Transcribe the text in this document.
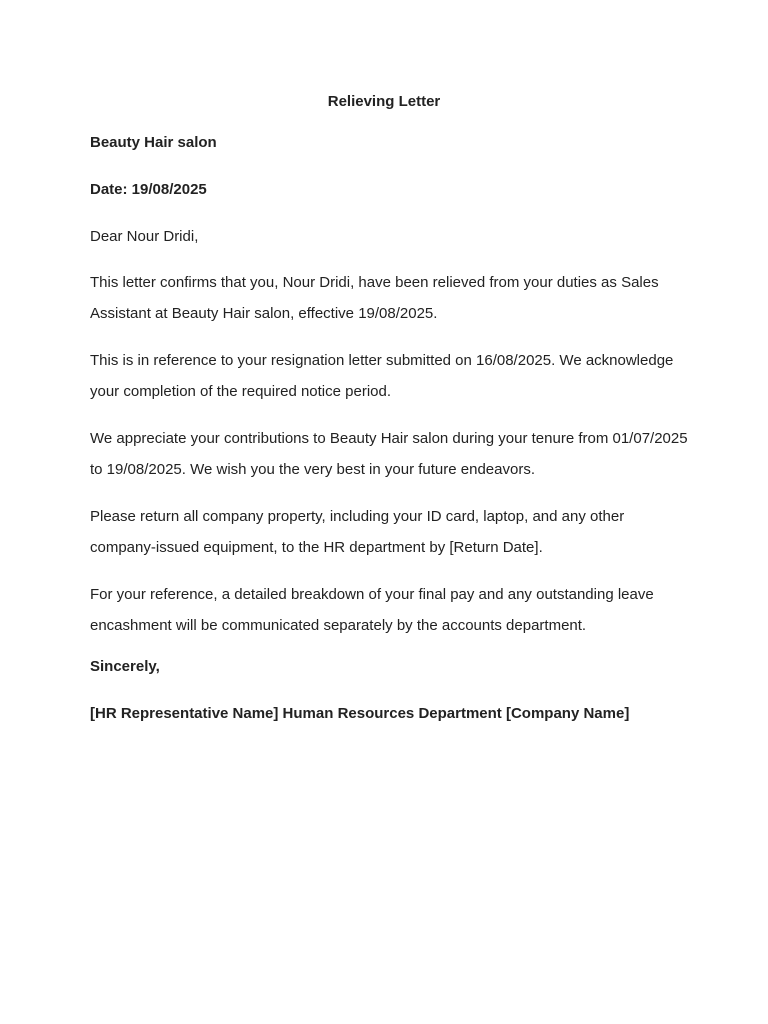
Relieving Letter
Beauty Hair salon
Date: 19/08/2025
Dear Nour Dridi,

This letter confirms that you, Nour Dridi, have been relieved from your duties as Sales Assistant at Beauty Hair salon, effective 19/08/2025.

This is in reference to your resignation letter submitted on 16/08/2025. We acknowledge your completion of the required notice period.

We appreciate your contributions to Beauty Hair salon during your tenure from 01/07/2025 to 19/08/2025. We wish you the very best in your future endeavors.

Please return all company property, including your ID card, laptop, and any other company-issued equipment, to the HR department by [Return Date].

For your reference, a detailed breakdown of your final pay and any outstanding leave encashment will be communicated separately by the accounts department.

Sincerely,
[HR Representative Name] Human Resources Department [Company Name]
